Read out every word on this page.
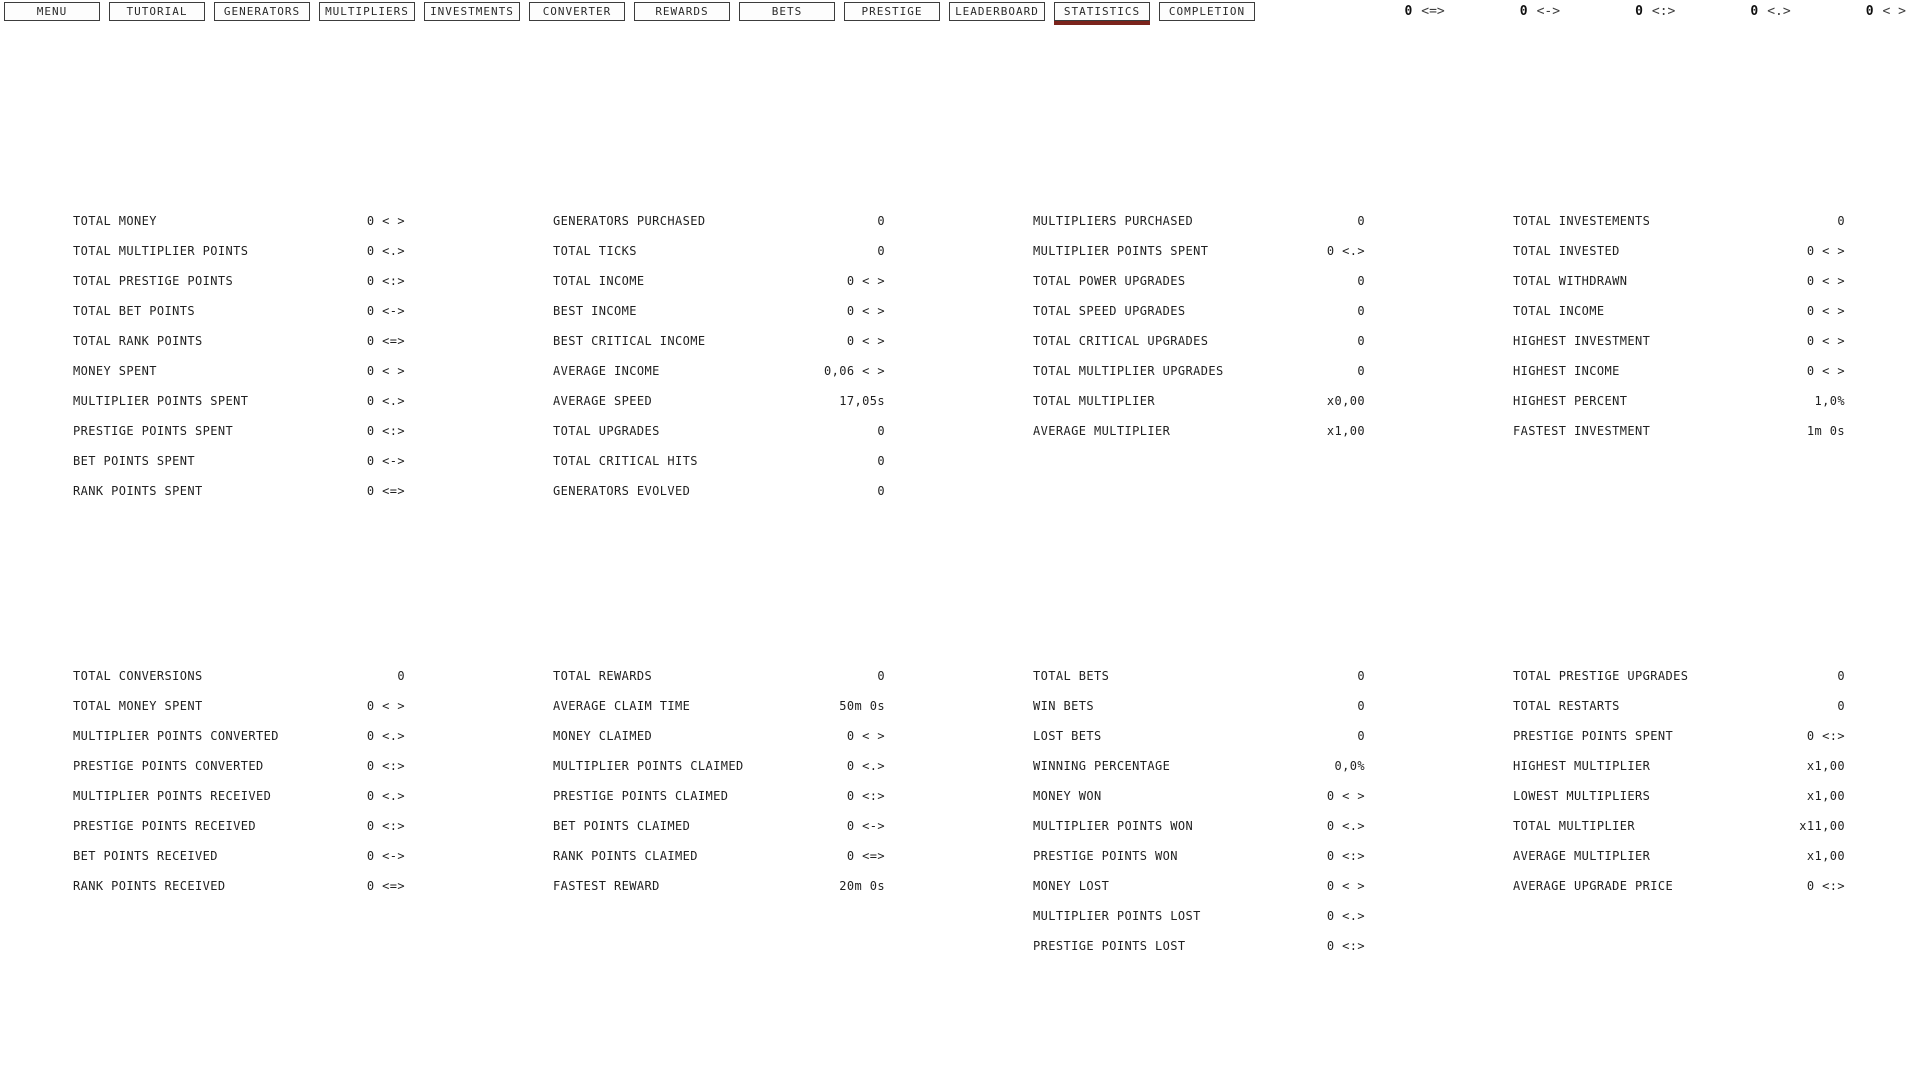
MENU	TUTORIAL	GENERATORS	MULTIPLIERS	INVESTMENTS	CONVERTER	REWARDS	BETS	PRESTIGE	LEADERBOARD	STATISTICS	COMPLETION	0 <=>	0 <->	0 <:>	0 <.>	0 < >
TOTAL MONEY	0 < >
TOTAL MULTIPLIER POINTS	0 <.>
TOTAL PRESTIGE POINTS	0 <:>
TOTAL BET POINTS	0 <->
TOTAL RANK POINTS	0 <=>
MONEY SPENT	0 < >
MULTIPLIER POINTS SPENT	0 <.>
PRESTIGE POINTS SPENT	0 <:>
BET POINTS SPENT	0 <->
RANK POINTS SPENT	0 <=>
GENERATORS PURCHASED	0
TOTAL TICKS	0
TOTAL INCOME	0 < >
BEST INCOME	0 < >
BEST CRITICAL INCOME	0 < >
AVERAGE INCOME	0,06 < >
AVERAGE SPEED	17,05s
TOTAL UPGRADES	0
TOTAL CRITICAL HITS	0
GENERATORS EVOLVED	0
MULTIPLIERS PURCHASED	0
MULTIPLIER POINTS SPENT	0 <.>
TOTAL POWER UPGRADES	0
TOTAL SPEED UPGRADES	0
TOTAL CRITICAL UPGRADES	0
TOTAL MULTIPLIER UPGRADES	0
TOTAL MULTIPLIER	x0,00
AVERAGE MULTIPLIER	x1,00
TOTAL INVESTEMENTS	0
TOTAL INVESTED	0 < >
TOTAL WITHDRAWN	0 < >
TOTAL INCOME	0 < >
HIGHEST INVESTMENT	0 < >
HIGHEST INCOME	0 < >
HIGHEST PERCENT	1,0%
FASTEST INVESTMENT	1m 0s
TOTAL CONVERSIONS	0
TOTAL MONEY SPENT	0 < >
MULTIPLIER POINTS CONVERTED	0 <.>
PRESTIGE POINTS CONVERTED	0 <:>
MULTIPLIER POINTS RECEIVED	0 <.>
PRESTIGE POINTS RECEIVED	0 <:>
BET POINTS RECEIVED	0 <->
RANK POINTS RECEIVED	0 <=>
TOTAL REWARDS	0
AVERAGE CLAIM TIME	50m 0s
MONEY CLAIMED	0 < >
MULTIPLIER POINTS CLAIMED	0 <.>
PRESTIGE POINTS CLAIMED	0 <:>
BET POINTS CLAIMED	0 <->
RANK POINTS CLAIMED	0 <=>
FASTEST REWARD	20m 0s
TOTAL BETS	0
WIN BETS	0
LOST BETS	0
WINNING PERCENTAGE	0,0%
MONEY WON	0 < >
MULTIPLIER POINTS WON	0 <.>
PRESTIGE POINTS WON	0 <:>
MONEY LOST	0 < >
MULTIPLIER POINTS LOST	0 <.>
PRESTIGE POINTS LOST	0 <:>
TOTAL PRESTIGE UPGRADES	0
TOTAL RESTARTS	0
PRESTIGE POINTS SPENT	0 <:>
HIGHEST MULTIPLIER	x1,00
LOWEST MULTIPLIERS	x1,00
TOTAL MULTIPLIER	x11,00
AVERAGE MULTIPLIER	x1,00
AVERAGE UPGRADE PRICE	0 <:>
